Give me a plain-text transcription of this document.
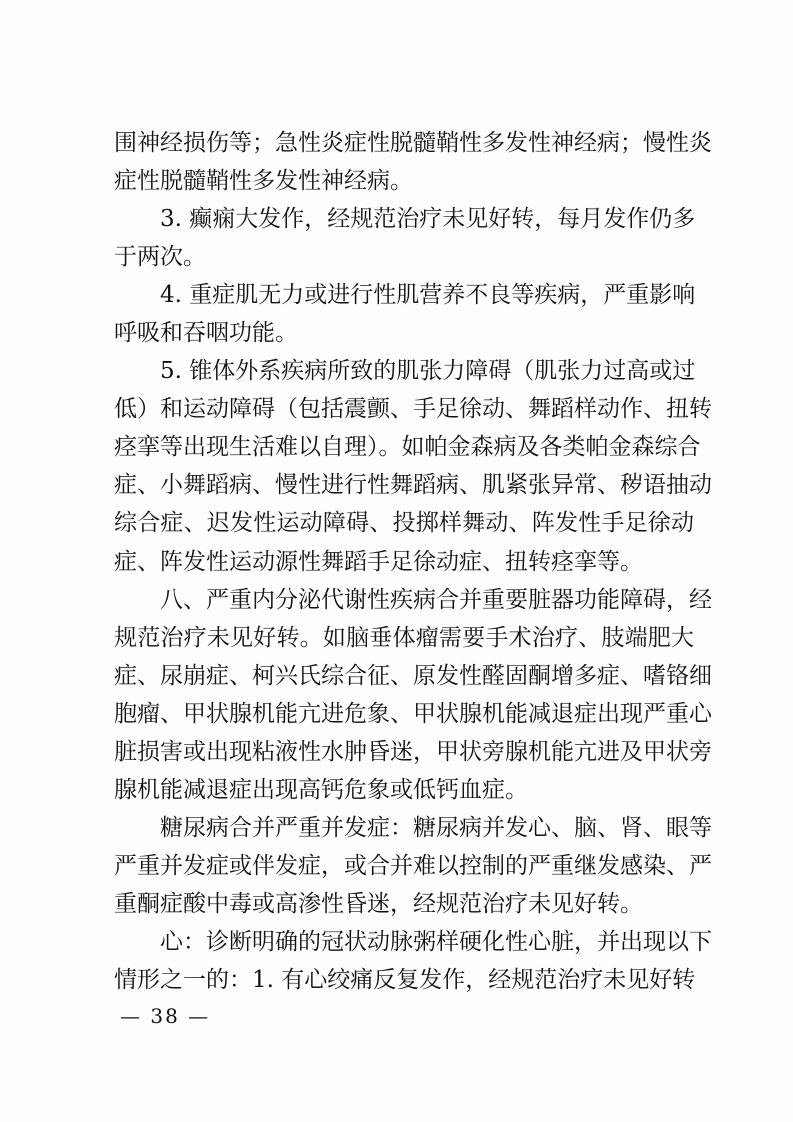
围神经损伤等；急性炎症性脱髓鞘性多发性神经病；慢性炎
症性脱髓鞘性多发性神经病。
3. 癫痫大发作，经规范治疗未见好转，每月发作仍多
于两次。
4. 重症肌无力或进行性肌营养不良等疾病，严重影响
呼吸和吞咽功能。
5. 锥体外系疾病所致的肌张力障碍（肌张力过高或过
低）和运动障碍（包括震颤、手足徐动、舞蹈样动作、扭转
痉挛等出现生活难以自理）。如帕金森病及各类帕金森综合
症、小舞蹈病、慢性进行性舞蹈病、肌紧张异常、秽语抽动
综合症、迟发性运动障碍、投掷样舞动、阵发性手足徐动
症、阵发性运动源性舞蹈手足徐动症、扭转痉挛等。
八、严重内分泌代谢性疾病合并重要脏器功能障碍，经
规范治疗未见好转。如脑垂体瘤需要手术治疗、肢端肥大
症、尿崩症、柯兴氏综合征、原发性醛固酮增多症、嗜铬细
胞瘤、甲状腺机能亢进危象、甲状腺机能减退症出现严重心
脏损害或出现粘液性水肿昏迷，甲状旁腺机能亢进及甲状旁
腺机能减退症出现高钙危象或低钙血症。
糖尿病合并严重并发症：糖尿病并发心、脑、肾、眼等
严重并发症或伴发症，或合并难以控制的严重继发感染、严
重酮症酸中毒或高渗性昏迷，经规范治疗未见好转。
— 38 —
心：诊断明确的冠状动脉粥样硬化性心脏，并出现以下
情形之一的：1. 有心绞痛反复发作，经规范治疗未见好转
